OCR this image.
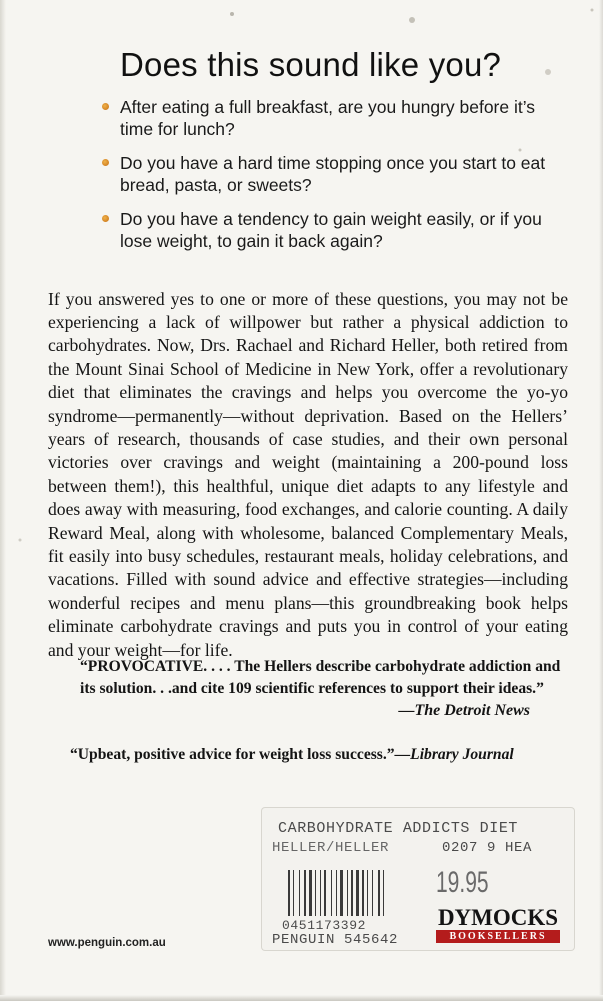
Does this sound like you?
After eating a full breakfast, are you hungry before it’s time for lunch?
Do you have a hard time stopping once you start to eat bread, pasta, or sweets?
Do you have a tendency to gain weight easily, or if you lose weight, to gain it back again?

If you answered yes to one or more of these questions, you may not be experiencing a lack of willpower but rather a physical addiction to carbohydrates. Now, Drs. Rachael and Richard Heller, both retired from the Mount Sinai School of Medicine in New York, offer a revolutionary diet that eliminates the cravings and helps you overcome the yo-yo syndrome—permanently—without deprivation. Based on the Hellers’ years of research, thousands of case studies, and their own personal victories over cravings and weight (maintaining a 200-pound loss between them!), this healthful, unique diet adapts to any lifestyle and does away with measuring, food exchanges, and calorie counting. A daily Reward Meal, along with wholesome, balanced Complementary Meals, fit easily into busy schedules, restaurant meals, holiday celebrations, and vacations. Filled with sound advice and effective strategies—including wonderful recipes and menu plans—this groundbreaking book helps eliminate carbohydrate cravings and puts you in control of your eating and your weight—for life.

“PROVOCATIVE. . . . The Hellers describe carbohydrate addiction and its solution. . .and cite 109 scientific references to support their ideas.”
—The Detroit News
“Upbeat, positive advice for weight loss success.”—Library Journal
www.penguin.com.au
CARBOHYDRATE ADDICTS DIET
HELLER/HELLER	0207 9 HEA
19.95
0451173392
PENGUIN 545642
DYMOCKS
BOOKSELLERS
